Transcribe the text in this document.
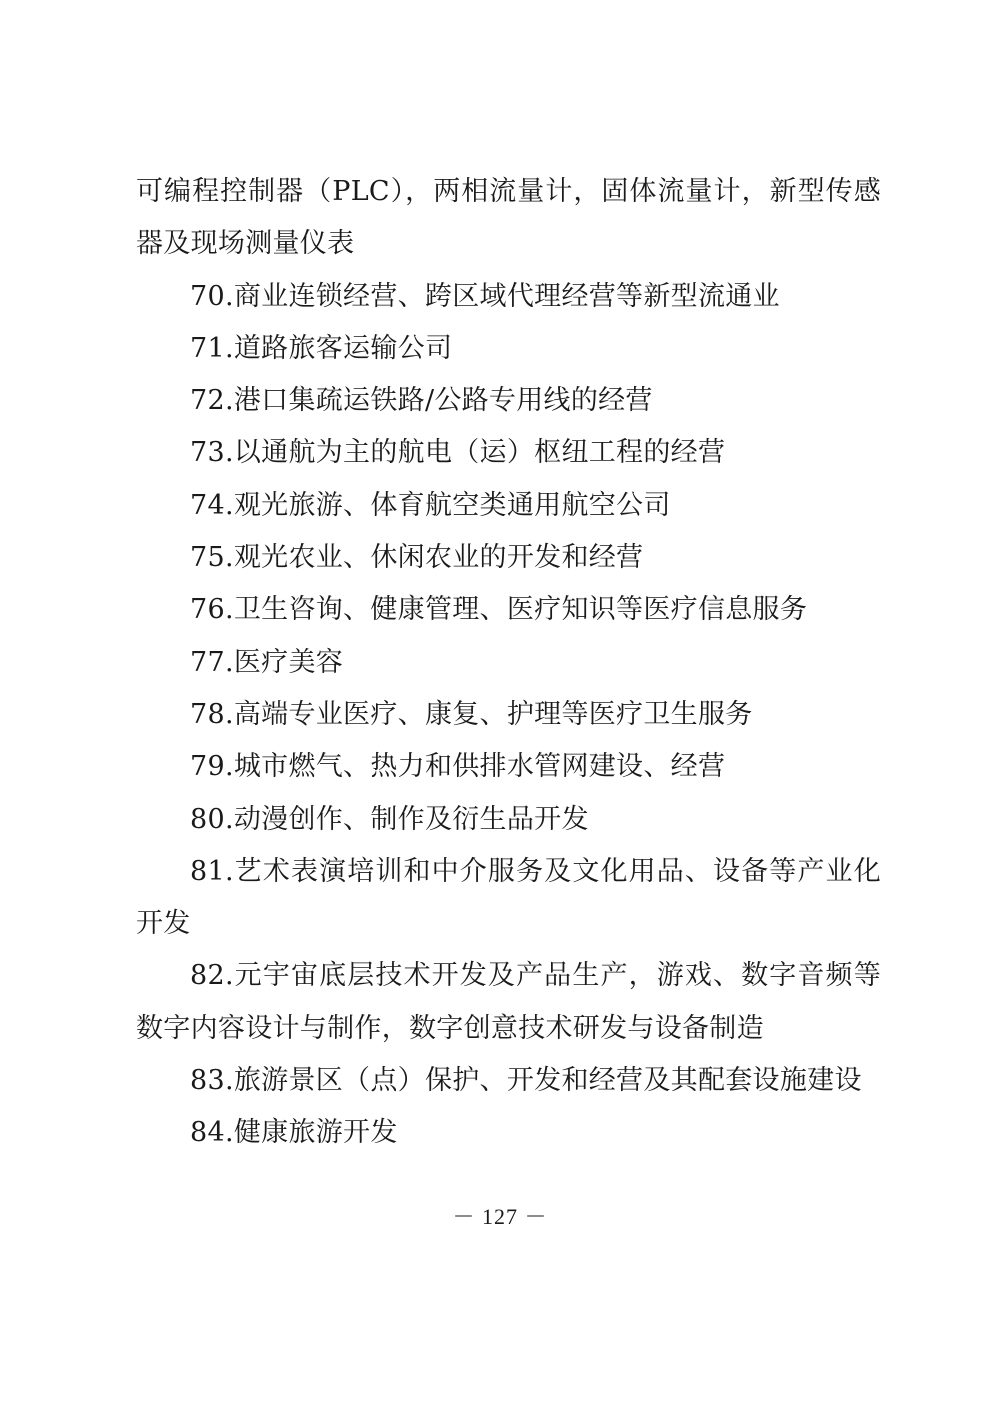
可编程控制器（PLC），两相流量计，固体流量计，新型传感器及现场测量仪表

70.商业连锁经营、跨区域代理经营等新型流通业

71.道路旅客运输公司

72.港口集疏运铁路/公路专用线的经营

73.以通航为主的航电（运）枢纽工程的经营

74.观光旅游、体育航空类通用航空公司

75.观光农业、休闲农业的开发和经营

76.卫生咨询、健康管理、医疗知识等医疗信息服务

77.医疗美容

78.高端专业医疗、康复、护理等医疗卫生服务

79.城市燃气、热力和供排水管网建设、经营

80.动漫创作、制作及衍生品开发

81.艺术表演培训和中介服务及文化用品、设备等产业化开发

82.元宇宙底层技术开发及产品生产，游戏、数字音频等数字内容设计与制作，数字创意技术研发与设备制造

83.旅游景区（点）保护、开发和经营及其配套设施建设

84.健康旅游开发

－ 127 －
